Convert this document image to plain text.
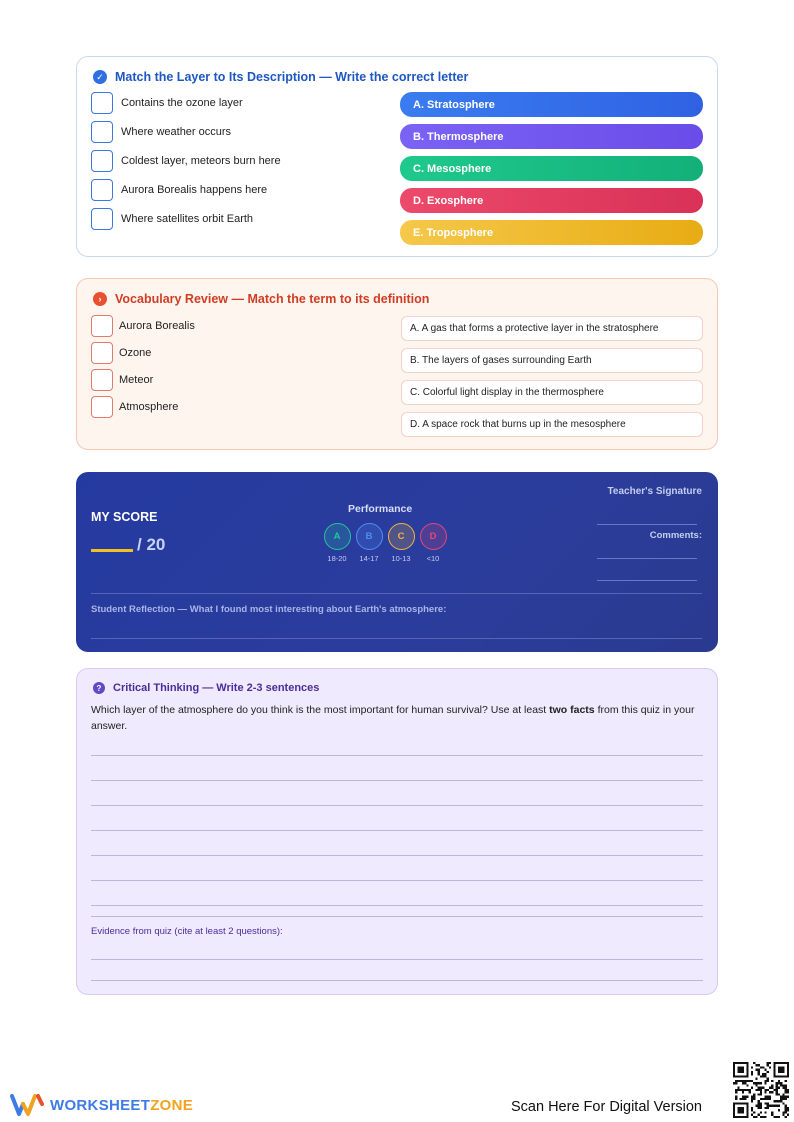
✓ Match the Layer to Its Description — Write the correct letter
Contains the ozone layer
Where weather occurs
Coldest layer, meteors burn here
Aurora Borealis happens here
Where satellites orbit Earth
A. Stratosphere
B. Thermosphere
C. Mesosphere
D. Exosphere
E. Troposphere
›	Vocabulary Review — Match the term to its definition
Aurora Borealis
Ozone
Meteor
Atmosphere
A. A gas that forms a protective layer in the stratosphere
B. The layers of gases surrounding Earth
C. Colorful light display in the thermosphere
D. A space rock that burns up in the mesosphere
MY SCORE
/ 20
Performance
A
18-20
B
14-17
C
10-13
D
<10
Teacher's Signature
Comments:
Student Reflection — What I found most interesting about Earth's atmosphere:
?	Critical Thinking — Write 2-3 sentences
Which layer of the atmosphere do you think is the most important for human survival? Use at least two facts from this quiz in your answer.
Evidence from quiz (cite at least 2 questions):
WORKSHEETZONE	Scan Here For Digital Version
